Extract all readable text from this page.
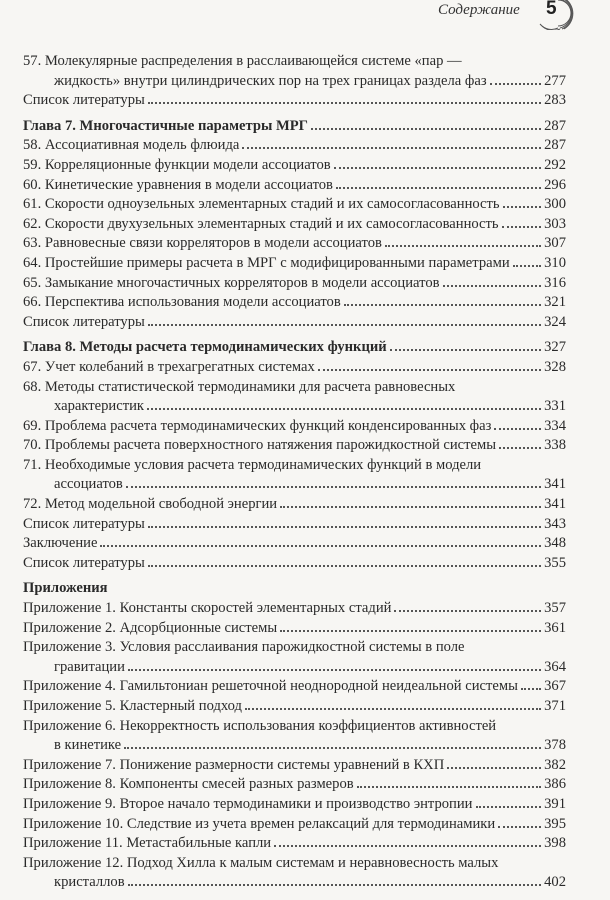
Содержание 5
57. Молекулярные распределения в расслаивающейся системе «пар —
жидкость» внутри цилиндрических пор на трех границах раздела фаз	277
Список литературы	283
Глава 7. Многочастичные параметры МРГ	287
58. Ассоциативная модель флюида	287
59. Корреляционные функции модели ассоциатов	292
60. Кинетические уравнения в модели ассоциатов	296
61. Скорости одноузельных элементарных стадий и их самосогласованность	300
62. Скорости двухузельных элементарных стадий и их самосогласованность	303
63. Равновесные связи корреляторов в модели ассоциатов	307
64. Простейшие примеры расчета в МРГ с модифицированными параметрами 310
65. Замыкание многочастичных корреляторов в модели ассоциатов	316
66. Перспектива использования модели ассоциатов	321
Список литературы	324
Глава 8. Методы расчета термодинамических функций	327
67. Учет колебаний в трехагрегатных системах	328
68. Методы статистической термодинамики для расчета равновесных
характеристик	331
69. Проблема расчета термодинамических функций конденсированных фаз	334
70. Проблемы расчета поверхностного натяжения парожидкостной системы	338
71. Необходимые условия расчета термодинамических функций в модели
ассоциатов	341
72. Метод модельной свободной энергии	341
Список литературы	343
Заключение	348
Список литературы	355
Приложения
Приложение 1. Константы скоростей элементарных стадий	357
Приложение 2. Адсорбционные системы	361
Приложение 3. Условия расслаивания парожидкостной системы в поле
гравитации	364
Приложение 4. Гамильтониан решеточной неоднородной неидеальной системы 367
Приложение 5. Кластерный подход	371
Приложение 6. Некорректность использования коэффициентов активностей
в кинетике	378
Приложение 7. Понижение размерности системы уравнений в КХП	382
Приложение 8. Компоненты смесей разных размеров	386
Приложение 9. Второе начало термодинамики и производство энтропии	391
Приложение 10. Следствие из учета времен релаксаций для термодинамики	395
Приложение 11. Метастабильные капли	398
Приложение 12. Подход Хилла к малым системам и неравновесность малых
кристаллов	402
